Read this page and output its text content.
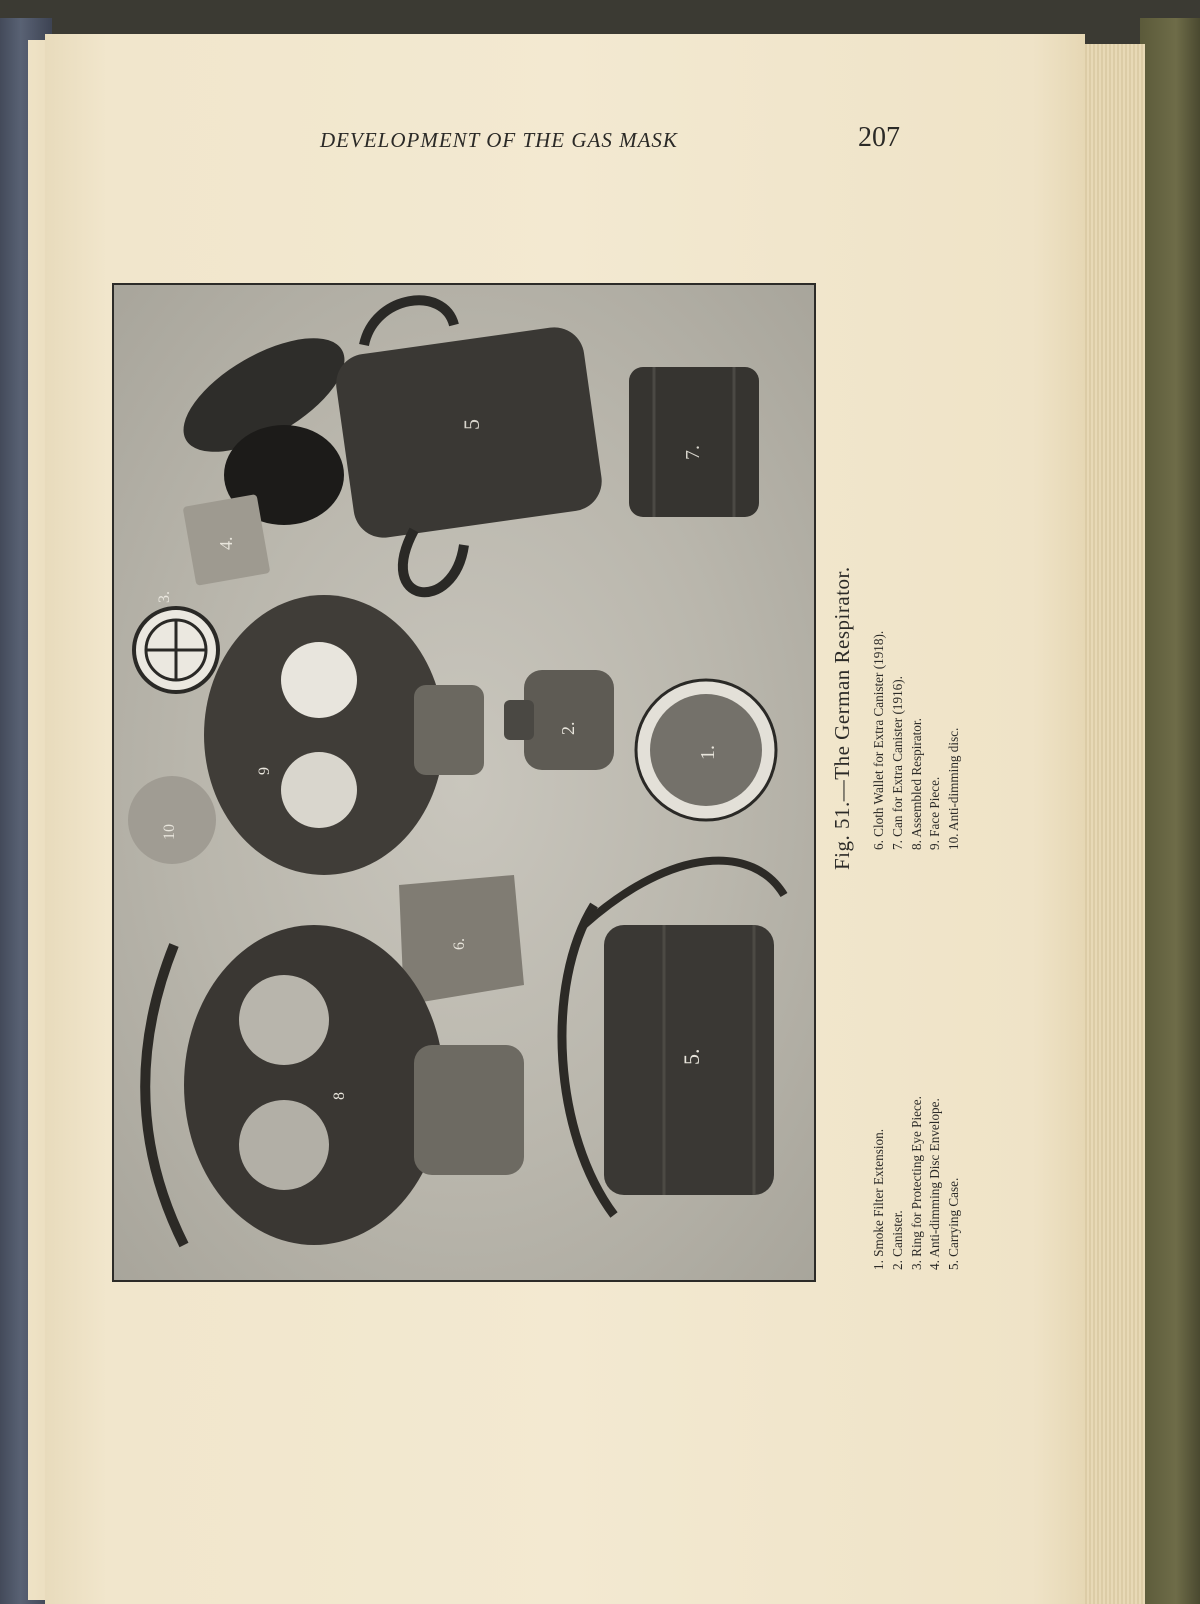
DEVELOPMENT OF THE GAS MASK	207
5
7.
4.
3.
9
10
2.
1.
6.
8
5.
Fig. 51.—The German Respirator.
1. Smoke Filter Extension. 2. Canister. 3. Ring for Protecting Eye Piece. 4. Anti-dimming Disc Envelope. 5. Carrying Case.
6. Cloth Wallet for Extra Canister (1918). 7. Can for Extra Canister (1916). 8. Assembled Respirator. 9. Face Piece. 10. Anti-dimming disc.
